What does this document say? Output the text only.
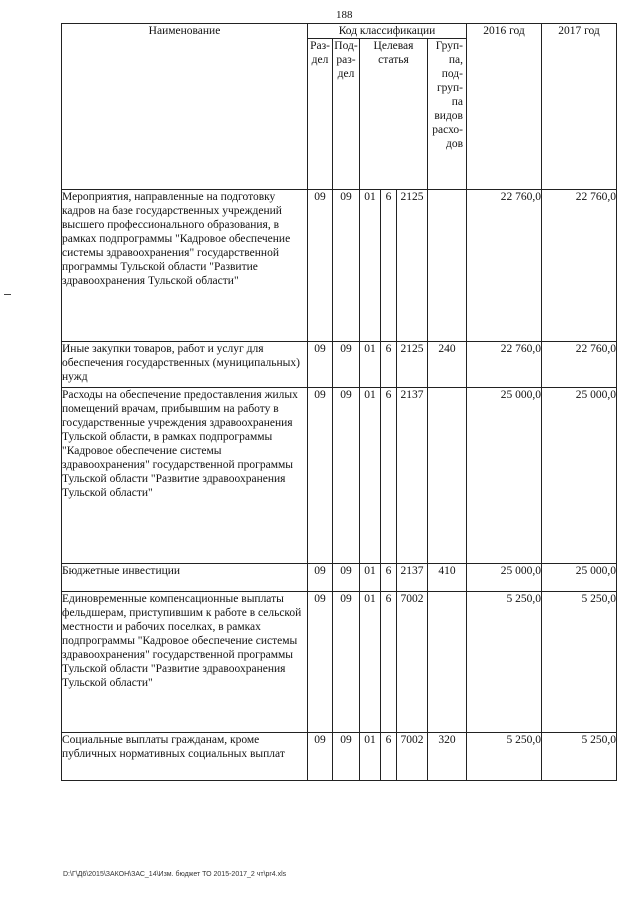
188
Наименование	Код классификации						2016 год	2017 год
	Раз-дел	Под-раз-дел	Целевая статья			Груп-па, под-груп-па видов расхо-дов		
Мероприятия, направленные на подготовку кадров на базе государственных учреждений высшего профессионального образования, в рамках подпрограммы "Кадровое обеспечение системы здравоохранения" государственной программы Тульской области "Развитие здравоохранения Тульской области"	09	09	01	6	2125		22 760,0	22 760,0
Иные закупки товаров, работ и услуг для обеспечения государственных (муниципальных) нужд	09	09	01	6	2125	240	22 760,0	22 760,0
Расходы на обеспечение предоставления жилых помещений врачам, прибывшим на работу в государственные учреждения здравоохранения Тульской области, в рамках подпрограммы "Кадровое обеспечение системы здравоохранения" государственной программы Тульской области "Развитие здравоохранения Тульской области"	09	09	01	6	2137		25 000,0	25 000,0
Бюджетные инвестиции	09	09	01	6	2137	410	25 000,0	25 000,0
Единовременные компенсационные выплаты фельдшерам, приступившим к работе в сельской местности и рабочих поселках, в рамках подпрограммы "Кадровое обеспечение системы здравоохранения" государственной программы Тульской области "Развитие здравоохранения Тульской области"	09	09	01	6	7002		5 250,0	5 250,0
Социальные выплаты гражданам, кроме публичных нормативных социальных выплат	09	09	01	6	7002	320	5 250,0	5 250,0
D:\Г\Д6\2015\ЗАКОН\ЗАС_14\Изм. бюджет ТО 2015-2017_2 чт\pr4.xls
